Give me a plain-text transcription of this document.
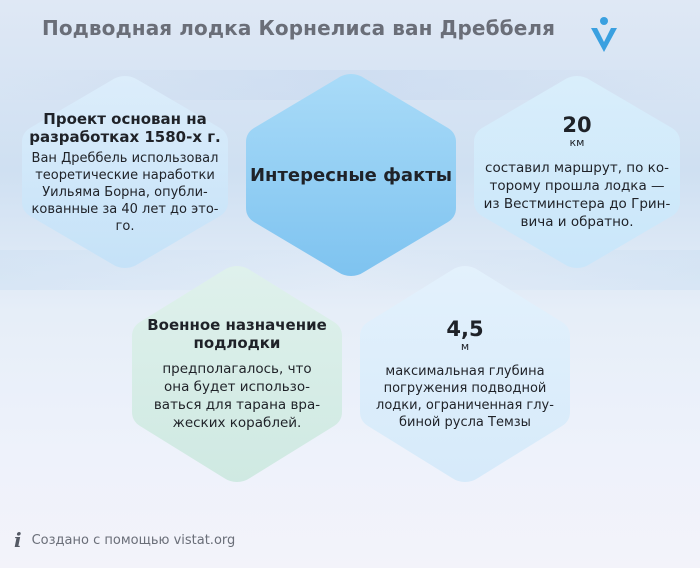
Подводная лодка Корнелиса ван Дреббеля
Проект основан на
разработках 1580-х г.
Ван Дреббель использовал
теоретические наработки
Уильяма Борна, опубли-
кованные за 40 лет до это-
го.
Интересные факты
20
км
составил маршрут, по ко-
торому прошла лодка —
из Вестминстера до Грин-
вича и обратно.
Военное назначение
подлодки
предполагалось, что
она будет использо-
ваться для тарана вра-
жеских кораблей.
4,5
м
максимальная глубина
погружения подводной
лодки, ограниченная глу-
биной русла Темзы
i Создано с помощью vistat.org
